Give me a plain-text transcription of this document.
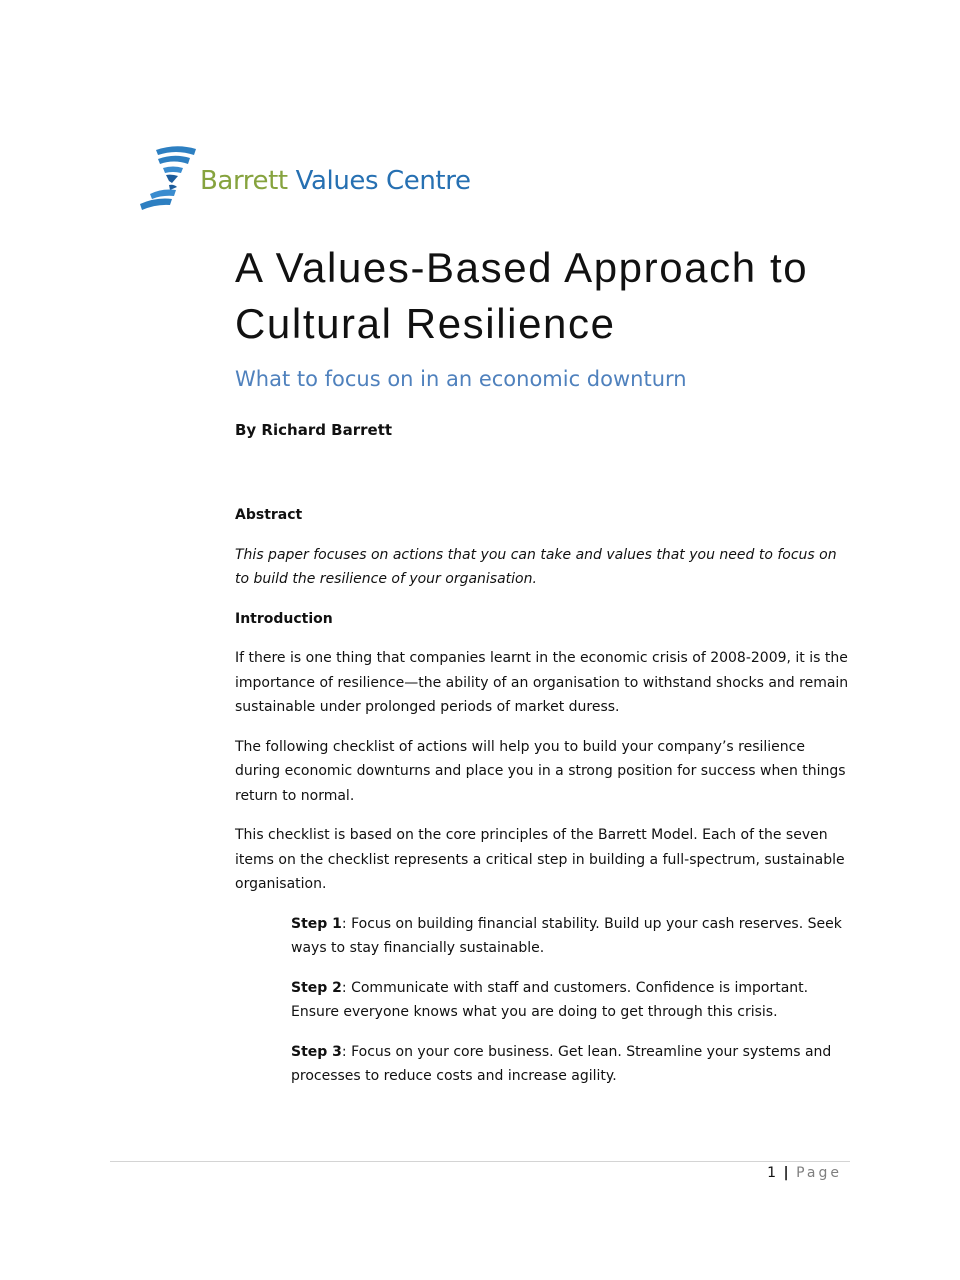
Barrett Values Centre
A Values-Based Approach to Cultural Resilience

What to focus on in an economic downturn

By Richard Barrett

Abstract

This paper focuses on actions that you can take and values that you need to focus on to build the resilience of your organisation.

Introduction

If there is one thing that companies learnt in the economic crisis of 2008-2009, it is the importance of resilience—the ability of an organisation to withstand shocks and remain sustainable under prolonged periods of market duress.

The following checklist of actions will help you to build your company’s resilience during economic downturns and place you in a strong position for success when things return to normal.

This checklist is based on the core principles of the Barrett Model. Each of the seven items on the checklist represents a critical step in building a full-spectrum, sustainable organisation.

Step 1: Focus on building financial stability. Build up your cash reserves. Seek ways to stay financially sustainable.

Step 2: Communicate with staff and customers. Confidence is important. Ensure everyone knows what you are doing to get through this crisis.

Step 3: Focus on your core business. Get lean. Streamline your systems and processes to reduce costs and increase agility.

1 | Page
